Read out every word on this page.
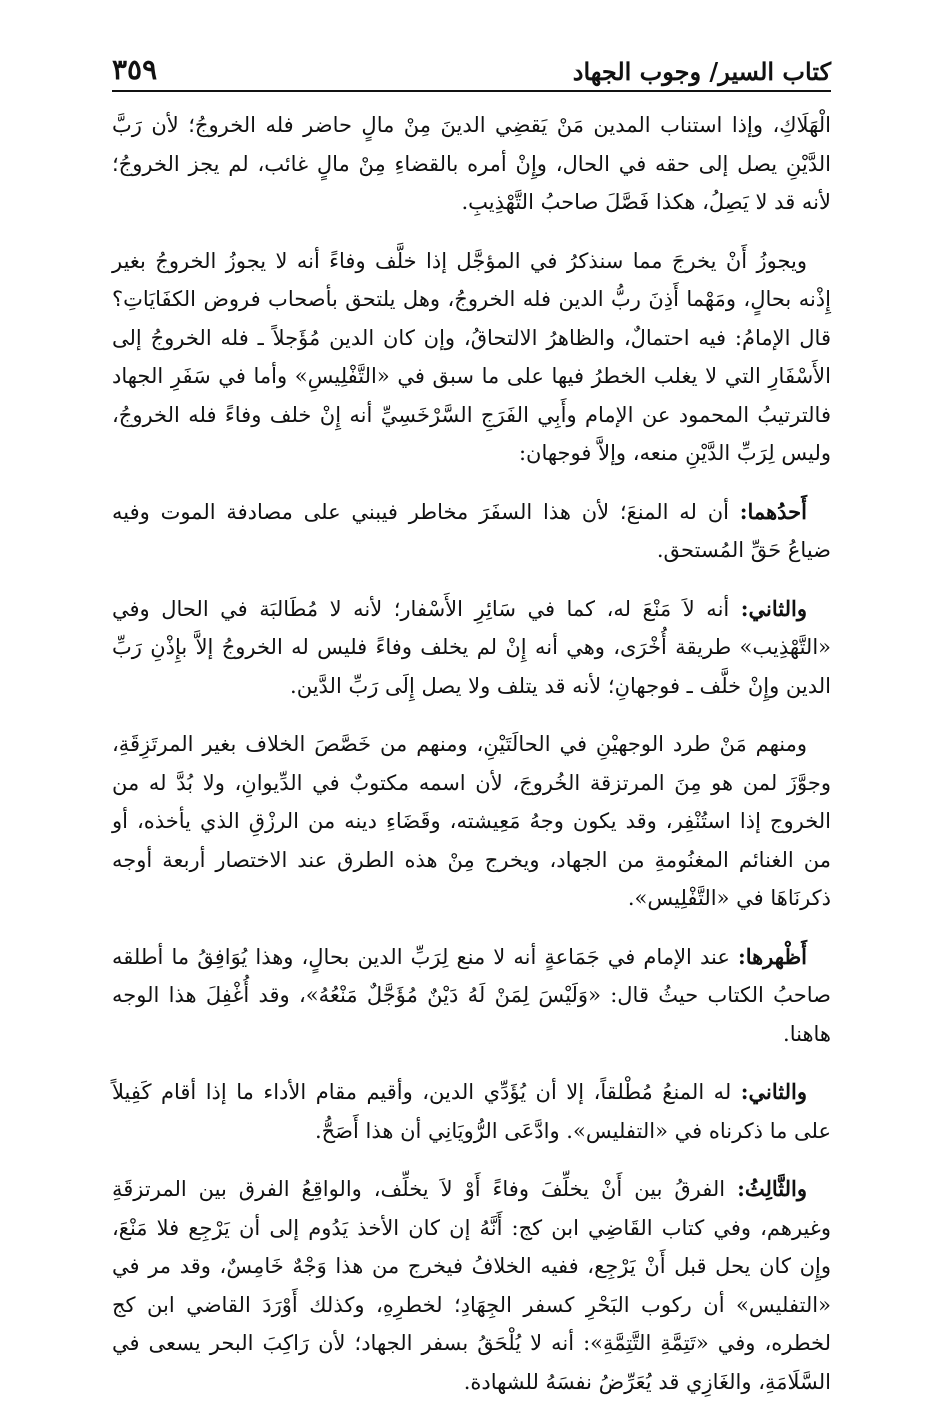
كتاب السير/ وجوب الجهاد
٣٥٩

الْهَلَاكِ، وإذا استناب المدين مَنْ يَقضِي الدينَ مِنْ مالٍ حاضر فله الخروجُ؛ لأن رَبَّ الدَّيْنِ يصل إلى حقه في الحال، وإِنْ أمره بالقضاءِ مِنْ مالٍ غائب، لم يجز الخروجُ؛ لأنه قد لا يَصِلُ، هكذا فَصَّلَ صاحبُ التَّهْذِيبِ.

ويجوزُ أَنْ يخرجَ مما سنذكرُ في المؤجَّل إذا خلَّف وفاءً أنه لا يجوزُ الخروجُ بغير إِذْنه بحالٍ، ومَهْما أَذِنَ ربُّ الدين فله الخروجُ، وهل يلتحق بأصحاب فروض الكفَايَاتِ؟ قال الإمامُ: فيه احتمالٌ، والظاهرُ الالتحاقُ، وإن كان الدين مُؤَجلاً ـ فله الخروجُ إلى الأَسْفَارِ التي لا يغلب الخطرُ فيها على ما سبق في «التَّفْلِيسِ» وأما في سَفَرِ الجهاد فالترتيبُ المحمود عن الإمام وأَبِي الفَرَجِ السَّرْخَسِيِّ أنه إِنْ خلف وفاءً فله الخروجُ، وليس لِرَبِّ الدَّيْنِ منعه، وإلاَّ فوجهان:

أَحدُهما: أن له المنعَ؛ لأن هذا السفَرَ مخاطر فيبني على مصادفة الموت وفيه ضياعُ حَقِّ المُستحق.

والثاني: أنه لاَ مَنْعَ له، كما في سَائِرِ الأَسْفار؛ لأنه لا مُطَالبَة في الحال وفي «التَّهْذِيب» طريقة أُخْرَى، وهي أنه إِنْ لم يخلف وفاءً فليس له الخروجُ إلاَّ بإِذْنِ رَبِّ الدين وإِنْ خلَّف ـ فوجهانِ؛ لأنه قد يتلف ولا يصل إِلَى رَبِّ الدَّين.

ومنهم مَنْ طرد الوجهيْنِ في الحالَتَيْنِ، ومنهم من خَصَّصَ الخلاف بغير المرتَزِقَةِ، وجوَّزَ لمن هو مِنَ المرتزقة الخُروجَ، لأن اسمه مكتوبٌ في الدِّيوانِ، ولا بُدَّ له من الخروج إذا استُنْفِر، وقد يكون وجهُ مَعِيشته، وقَضَاءِ دينه من الرزْقِ الذي يأخذه، أو من الغنائم المغنُومةِ من الجهاد، ويخرج مِنْ هذه الطرق عند الاختصار أربعة أوجه ذكرنَاهَا في «التَّفْلِيس».

أَظْهرها: عند الإمام في جَمَاعةٍ أنه لا منع لِرَبِّ الدين بحالٍ، وهذا يُوَافِقُ ما أطلقه صاحبُ الكتاب حيثُ قال: «وَلَيْسَ لِمَنْ لَهُ دَيْنٌ مُؤَجَّلٌ مَنْعُهُ»، وقد أُغْفِلَ هذا الوجه هاهنا.

والثاني: له المنعُ مُطْلقاً، إلا أن يُؤَدِّي الدين، وأقيم مقام الأداء ما إذا أقام كَفِيلاً على ما ذكرناه في «التفليس». وادَّعَى الرُّويَانِي أن هذا أَصَحُّ.

والثَّالِثُ: الفرقُ بين أَنْ يخلِّفَ وفاءً أَوْ لاَ يخلِّف، والواقِعُ الفرق بين المرتزقَةِ وغيرهم، وفي كتاب القَاضِي ابن كج: أَنَّهُ إن كان الأخذ يَدُوم إلى أن يَرْجِع فلا مَنْعَ، وإِن كان يحل قبل أَنْ يَرْجِع، ففيه الخلافُ فيخرج من هذا وَجْهٌ خَامِسٌ، وقد مر في «التفليس» أن ركوب البَحْرِ كسفر الجِهَادِ؛ لخطرِهِ، وكذلك أَوْرَدَ القاضي ابن كج لخطره، وفي «تَتِمَّةِ التَّتِمَّةِ»: أنه لا يُلْحَقُ بسفر الجهاد؛ لأن رَاكِبَ البحر يسعى في السَّلَامَةِ، والغَازِي قد يُعَرِّضُ نفسَهُ للشهادة.
